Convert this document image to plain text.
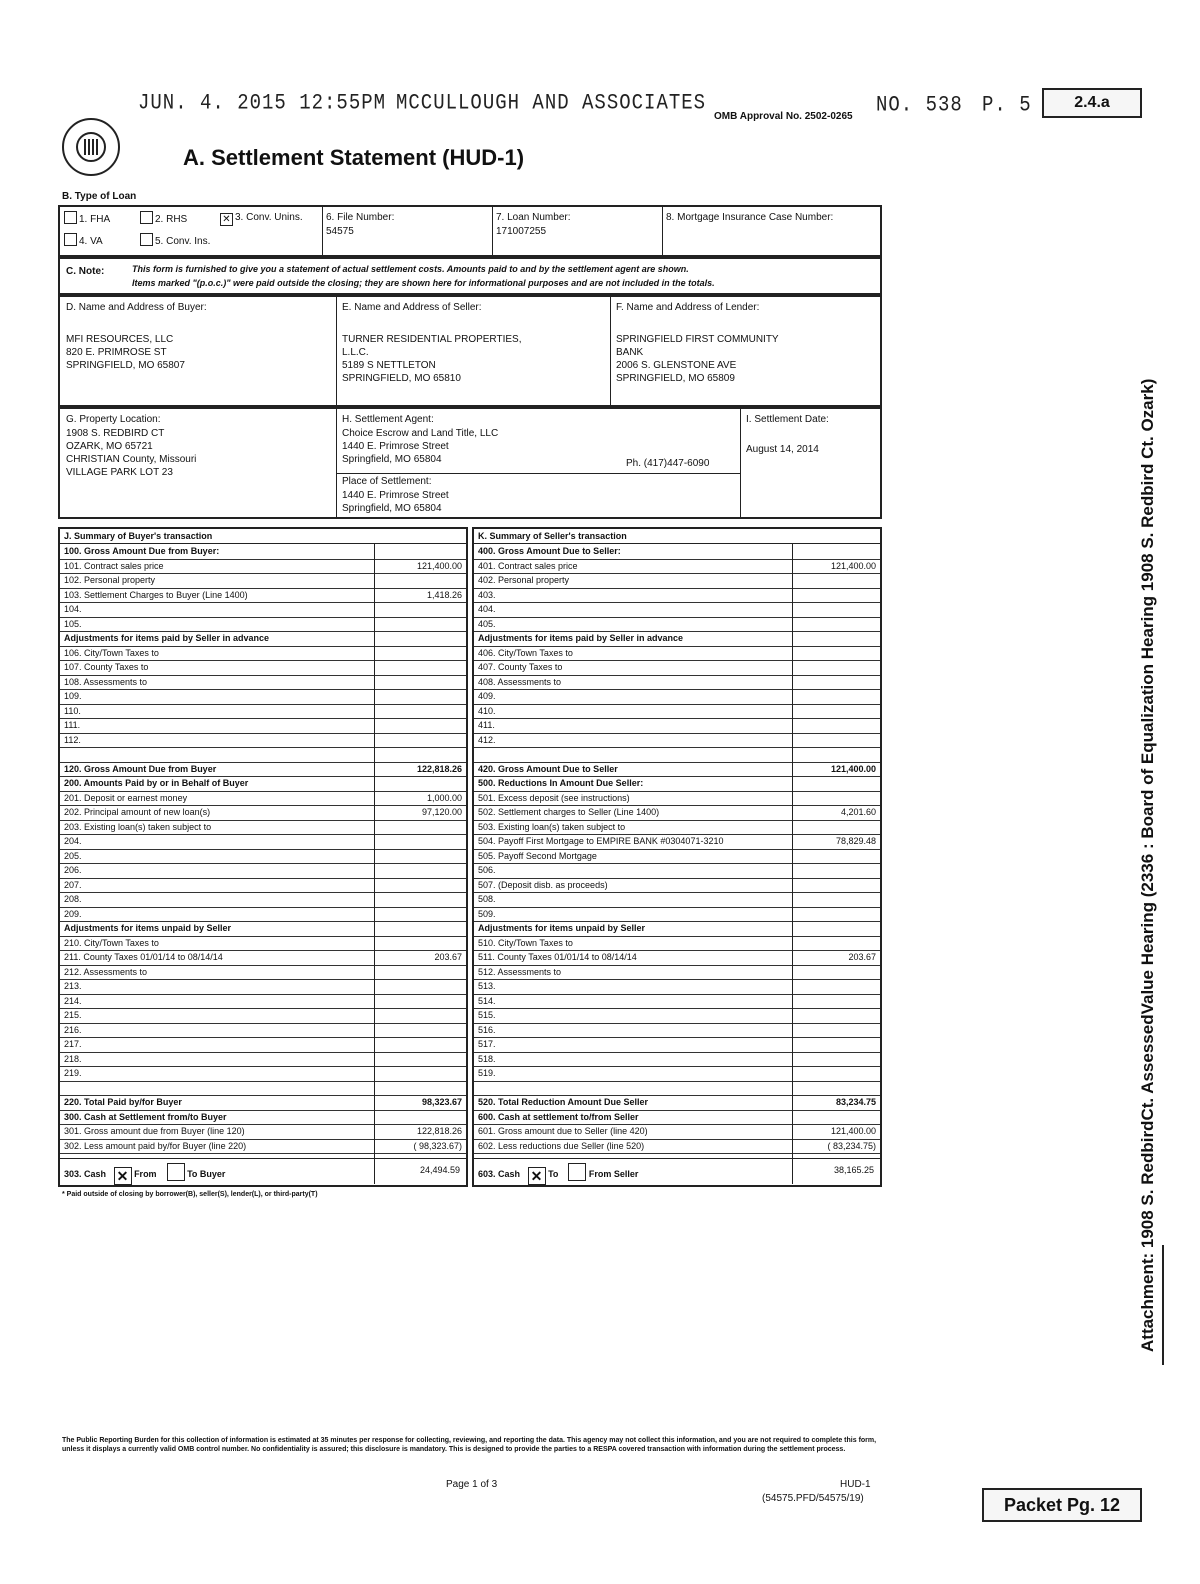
JUN. 4. 2015 12:55PM MCCULLOUGH AND ASSOCIATES
OMB Approval No. 2502-0265 NO. 538 P. 5	2.4.a
A. Settlement Statement (HUD-1)
B. Type of Loan
1. FHA	2. RHS	✕ 3. Conv. Unins.
4. VA	5. Conv. Ins.
6. File Number:
54575
7. Loan Number:
171007255
8. Mortgage Insurance Case Number:
C. Note:	This form is furnished to give you a statement of actual settlement costs. Amounts paid to and by the settlement agent are shown.
Items marked "(p.o.c.)" were paid outside the closing; they are shown here for informational purposes and are not included in the totals.
D. Name and Address of Buyer:
MFI RESOURCES, LLC
820 E. PRIMROSE ST
SPRINGFIELD, MO 65807
E. Name and Address of Seller:
TURNER RESIDENTIAL PROPERTIES,
L.L.C.
5189 S NETTLETON
SPRINGFIELD, MO 65810
F. Name and Address of Lender:
SPRINGFIELD FIRST COMMUNITY
BANK
2006 S. GLENSTONE AVE
SPRINGFIELD, MO 65809
G. Property Location:
1908 S. REDBIRD CT
OZARK, MO 65721
CHRISTIAN County, Missouri
VILLAGE PARK LOT 23
H. Settlement Agent:
Choice Escrow and Land Title, LLC
1440 E. Primrose Street
Springfield, MO 65804	Ph. (417)447-6090
Place of Settlement:
1440 E. Primrose Street
Springfield, MO 65804
I. Settlement Date:
August 14, 2014
J. Summary of Buyer's transaction
100. Gross Amount Due from Buyer:
101. Contract sales price	121,400.00
102. Personal property
103. Settlement Charges to Buyer (Line 1400)	1,418.26
104.
105.
Adjustments for items paid by Seller in advance
106. City/Town Taxes to
107. County Taxes to
108. Assessments to
109.
110.
111.
112.
120. Gross Amount Due from Buyer	122,818.26
200. Amounts Paid by or in Behalf of Buyer
201. Deposit or earnest money	1,000.00
202. Principal amount of new loan(s)	97,120.00
203. Existing loan(s) taken subject to
204.
205.
206.
207.
208.
209.
Adjustments for items unpaid by Seller
210. City/Town Taxes to
211. County Taxes 01/01/14 to 08/14/14	203.67
212. Assessments to
213.
214.
215.
216.
217.
218.
219.
220. Total Paid by/for Buyer	98,323.67
300. Cash at Settlement from/to Buyer
301. Gross amount due from Buyer (line 120)	122,818.26
302. Less amount paid by/for Buyer (line 220)	( 98,323.67)
303. Cash ✕ From	To Buyer	24,494.59
K. Summary of Seller's transaction
400. Gross Amount Due to Seller:
401. Contract sales price	121,400.00
402. Personal property
403.
404.
405.
Adjustments for items paid by Seller in advance
406. City/Town Taxes to
407. County Taxes to
408. Assessments to
409.
410.
411.
412.
420. Gross Amount Due to Seller	121,400.00
500. Reductions In Amount Due Seller:
501. Excess deposit (see instructions)
502. Settlement charges to Seller (Line 1400)	4,201.60
503. Existing loan(s) taken subject to
504. Payoff First Mortgage to EMPIRE BANK #0304071-3210	78,829.48
505. Payoff Second Mortgage
506.
507. (Deposit disb. as proceeds)
508.
509.
Adjustments for items unpaid by Seller
510. City/Town Taxes to
511. County Taxes 01/01/14 to 08/14/14	203.67
512. Assessments to
513.
514.
515.
516.
517.
518.
519.
520. Total Reduction Amount Due Seller	83,234.75
600. Cash at settlement to/from Seller
601. Gross amount due to Seller (line 420)	121,400.00
602. Less reductions due Seller (line 520)	( 83,234.75)
603. Cash ✕ To	From Seller	38,165.25
* Paid outside of closing by borrower(B), seller(S), lender(L), or third-party(T)
The Public Reporting Burden for this collection of information is estimated at 35 minutes per response for collecting, reviewing, and reporting the data. This agency may not collect this information, and you are not required to complete this form, unless it displays a currently valid OMB control number. No confidentiality is assured; this disclosure is mandatory. This is designed to provide the parties to a RESPA covered transaction with information during the settlement process.
Page 1 of 3	HUD-1
(54575.PFD/54575/19)	Packet Pg. 12
Attachment: 1908 S. RedbirdCt. AssessedValue Hearing (2336 : Board of Equalization Hearing 1908 S. Redbird Ct. Ozark)
